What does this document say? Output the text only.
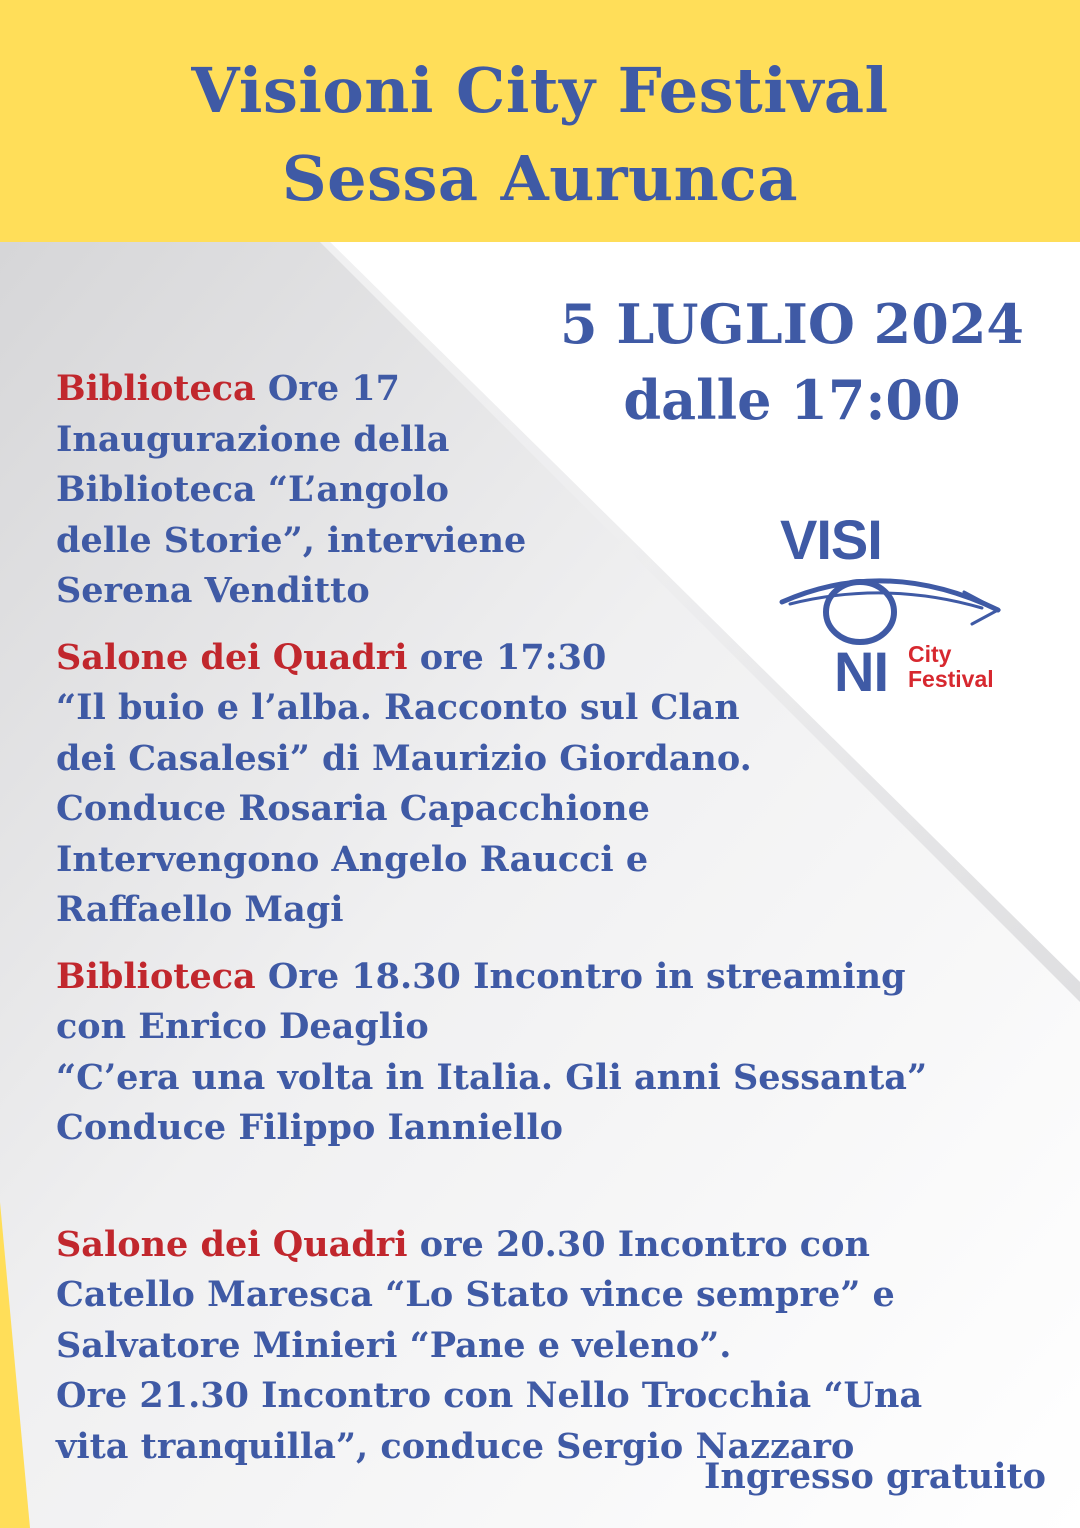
Visioni City Festival
Sessa Aurunca
5 LUGLIO 2024
dalle 17:00
VISI
NI City
Festival
Biblioteca Ore 17
Inaugurazione della
Biblioteca “L’angolo
delle Storie”, interviene
Serena Venditto
Salone dei Quadri ore 17:30
“Il buio e l’alba. Racconto sul Clan
dei Casalesi” di Maurizio Giordano.
Conduce Rosaria Capacchione
Intervengono Angelo Raucci e
Raffaello Magi
Biblioteca Ore 18.30 Incontro in streaming
con Enrico Deaglio
“C’era una volta in Italia. Gli anni Sessanta”
Conduce Filippo Ianniello
Salone dei Quadri ore 20.30 Incontro con
Catello Maresca “Lo Stato vince sempre” e
Salvatore Minieri “Pane e veleno”.
Ore 21.30 Incontro con Nello Trocchia “Una
vita tranquilla”, conduce Sergio Nazzaro
Ingresso gratuito
